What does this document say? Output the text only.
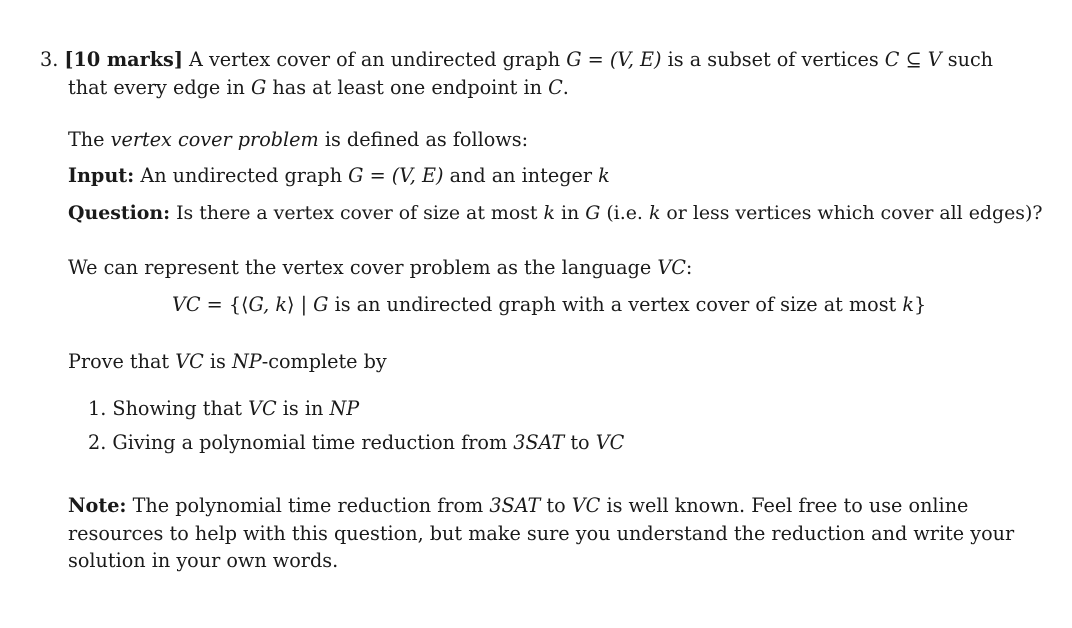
3. [10 marks] A vertex cover of an undirected graph G = (V, E) is a subset of vertices C ⊆ V such
that every edge in G has at least one endpoint in C.
The vertex cover problem is defined as follows:
Input: An undirected graph G = (V, E) and an integer k
Question: Is there a vertex cover of size at most k in G (i.e. k or less vertices which cover all edges)?
We can represent the vertex cover problem as the language VC:
VC = {⟨G, k⟩ | G is an undirected graph with a vertex cover of size at most k}
Prove that VC is NP-complete by
1. Showing that VC is in NP
2. Giving a polynomial time reduction from 3SAT to VC
Note: The polynomial time reduction from 3SAT to VC is well known. Feel free to use online
resources to help with this question, but make sure you understand the reduction and write your
solution in your own words.
